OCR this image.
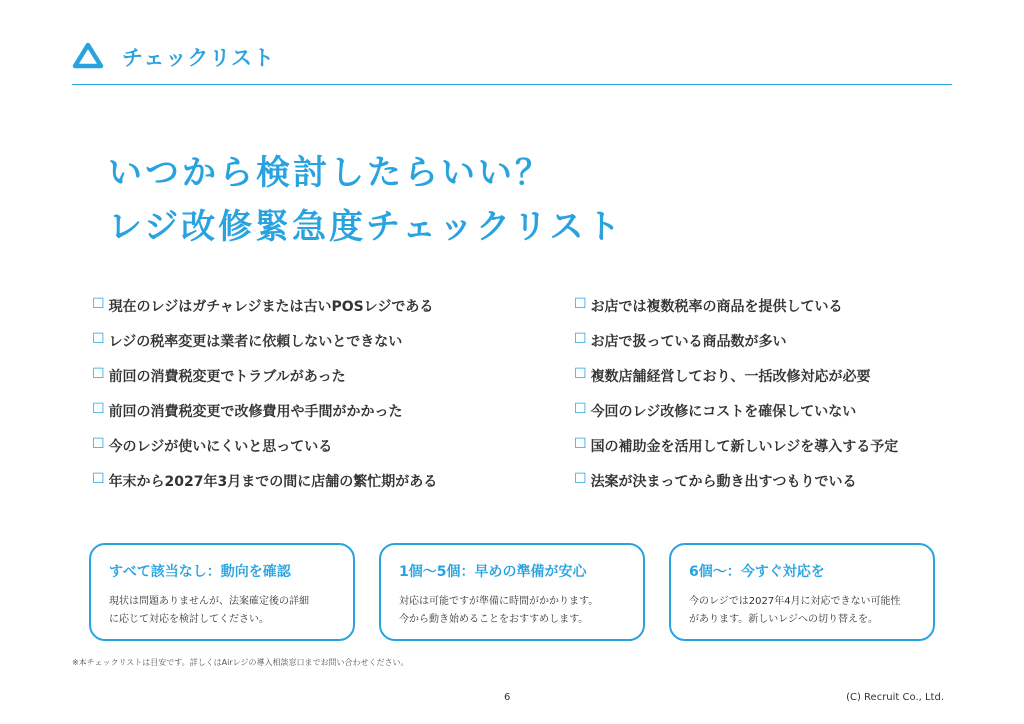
チェックリスト
いつから検討したらいい？
レジ改修緊急度チェックリスト
☐ 現在のレジはガチャレジまたは古いPOSレジである
☐ レジの税率変更は業者に依頼しないとできない
☐ 前回の消費税変更でトラブルがあった
☐ 前回の消費税変更で改修費用や手間がかかった
☐ 今のレジが使いにくいと思っている
☐ 年末から2027年3月までの間に店舗の繁忙期がある
☐ お店では複数税率の商品を提供している
☐ お店で扱っている商品数が多い
☐ 複数店舗経営しており、一括改修対応が必要
☐ 今回のレジ改修にコストを確保していない
☐ 国の補助金を活用して新しいレジを導入する予定
☐ 法案が決まってから動き出すつもりでいる
すべて該当なし：動向を確認
現状は問題ありませんが、法案確定後の詳細
に応じて対応を検討してください。
1個〜5個：早めの準備が安心
対応は可能ですが準備に時間がかかります。
今から動き始めることをおすすめします。
6個〜：今すぐ対応を
今のレジでは2027年4月に対応できない可能性
があります。新しいレジへの切り替えを。
※本チェックリストは目安です。詳しくはAirレジの導入相談窓口までお問い合わせください。
6	(C) Recruit Co., Ltd.
